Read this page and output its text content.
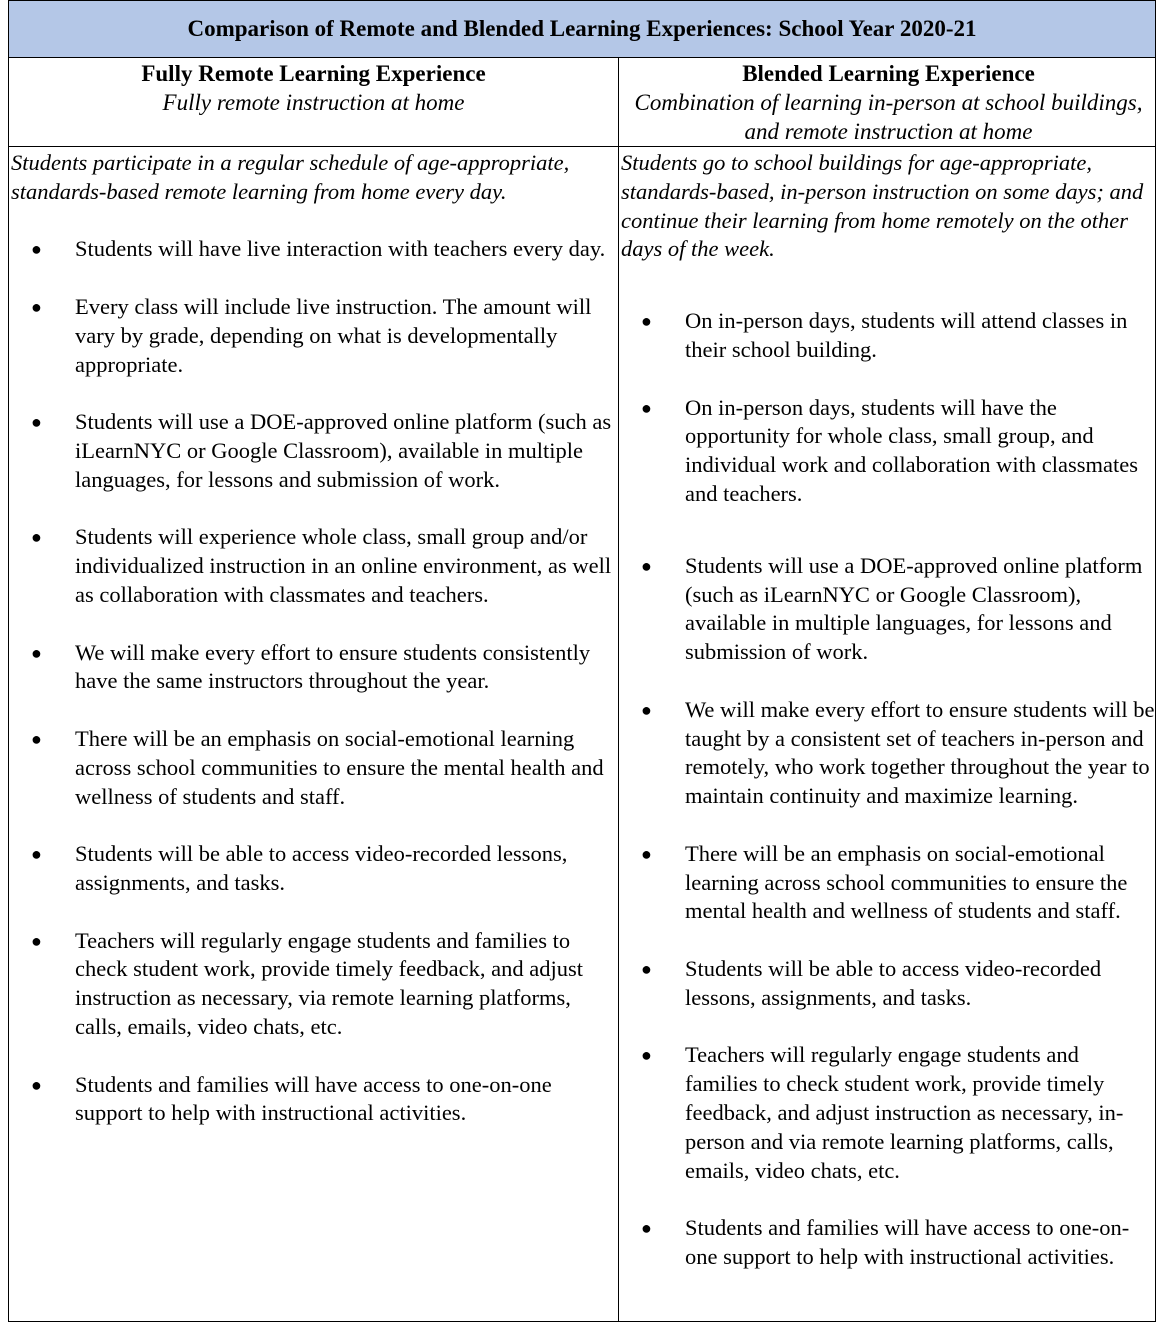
Comparison of Remote and Blended Learning Experiences: School Year 2020-21
Fully Remote Learning Experience
Fully remote instruction at home
Blended Learning Experience
Combination of learning in-person at school buildings, and remote instruction at home

Students participate in a regular schedule of age-appropriate, standards-based remote learning from home every day.

● Students will have live interaction with teachers every day.
● Every class will include live instruction. The amount will vary by grade, depending on what is developmentally appropriate.
● Students will use a DOE-approved online platform (such as iLearnNYC or Google Classroom), available in multiple languages, for lessons and submission of work.
● Students will experience whole class, small group and/or individualized instruction in an online environment, as well as collaboration with classmates and teachers.
● We will make every effort to ensure students consistently have the same instructors throughout the year.
● There will be an emphasis on social-emotional learning across school communities to ensure the mental health and wellness of students and staff.
● Students will be able to access video-recorded lessons, assignments, and tasks.
● Teachers will regularly engage students and families to check student work, provide timely feedback, and adjust instruction as necessary, via remote learning platforms, calls, emails, video chats, etc.
● Students and families will have access to one-on-one support to help with instructional activities.

Students go to school buildings for age-appropriate, standards-based, in-person instruction on some days; and continue their learning from home remotely on the other days of the week.

● On in-person days, students will attend classes in their school building.
● On in-person days, students will have the opportunity for whole class, small group, and individual work and collaboration with classmates and teachers.
● Students will use a DOE-approved online platform (such as iLearnNYC or Google Classroom), available in multiple languages, for lessons and submission of work.
● We will make every effort to ensure students will be taught by a consistent set of teachers in-person and remotely, who work together throughout the year to maintain continuity and maximize learning.
● There will be an emphasis on social-emotional learning across school communities to ensure the mental health and wellness of students and staff.
● Students will be able to access video-recorded lessons, assignments, and tasks.
● Teachers will regularly engage students and families to check student work, provide timely feedback, and adjust instruction as necessary, in-person and via remote learning platforms, calls, emails, video chats, etc.
● Students and families will have access to one-on-one support to help with instructional activities.
